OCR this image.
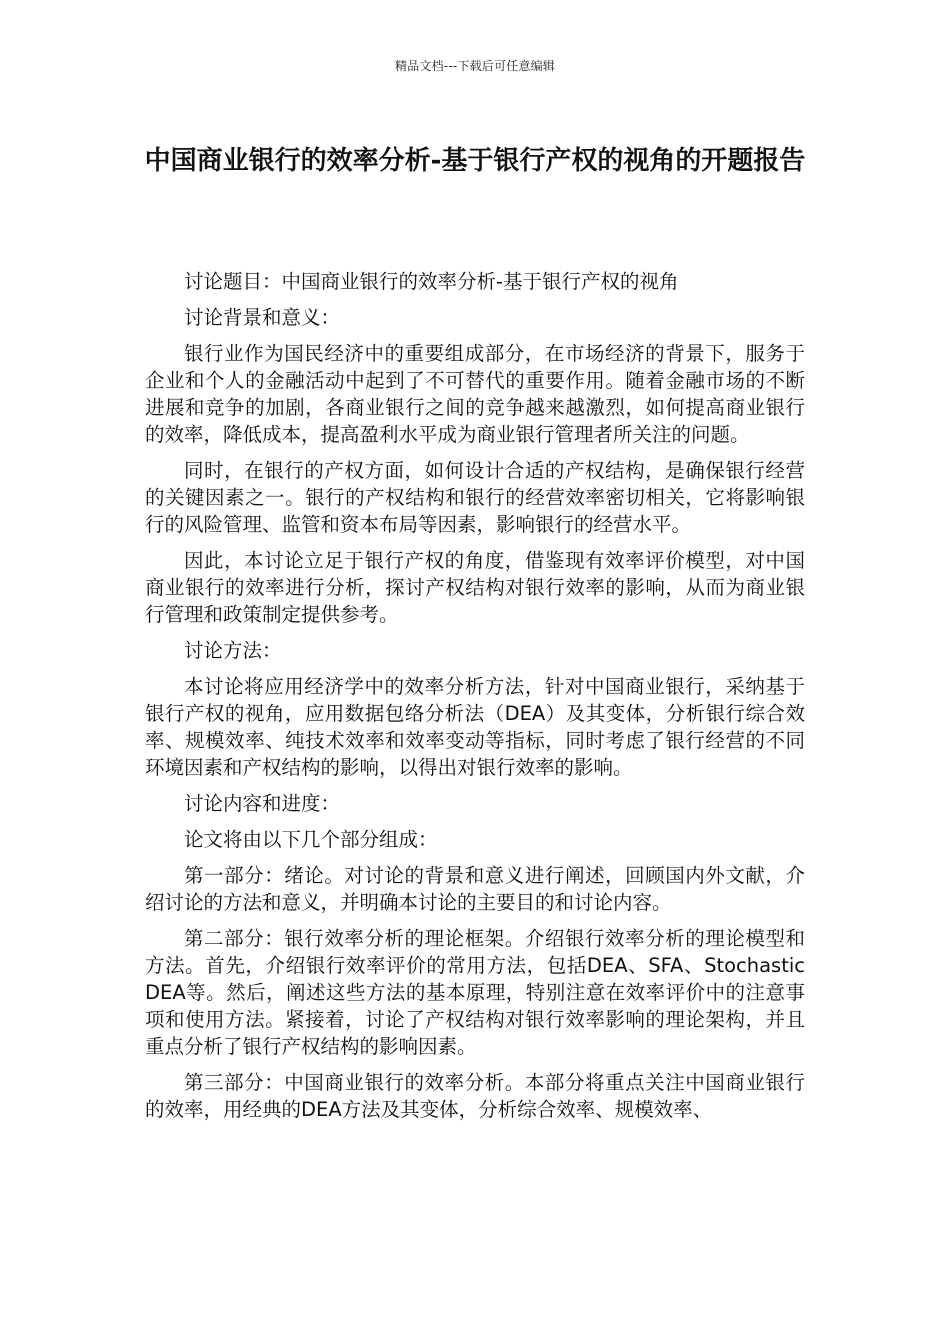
精品文档---下载后可任意编辑
中国商业银行的效率分析-基于银行产权的视角的开题报告

讨论题目：中国商业银行的效率分析-基于银行产权的视角

讨论背景和意义：

银行业作为国民经济中的重要组成部分，在市场经济的背景下，服务于企业和个人的金融活动中起到了不可替代的重要作用。随着金融市场的不断进展和竞争的加剧，各商业银行之间的竞争越来越激烈，如何提高商业银行的效率，降低成本，提高盈利水平成为商业银行管理者所关注的问题。

同时，在银行的产权方面，如何设计合适的产权结构，是确保银行经营的关键因素之一。银行的产权结构和银行的经营效率密切相关，它将影响银行的风险管理、监管和资本布局等因素，影响银行的经营水平。

因此，本讨论立足于银行产权的角度，借鉴现有效率评价模型，对中国商业银行的效率进行分析，探讨产权结构对银行效率的影响，从而为商业银行管理和政策制定提供参考。

讨论方法：

本讨论将应用经济学中的效率分析方法，针对中国商业银行，采纳基于银行产权的视角，应用数据包络分析法（DEA）及其变体，分析银行综合效率、规模效率、纯技术效率和效率变动等指标，同时考虑了银行经营的不同环境因素和产权结构的影响，以得出对银行效率的影响。

讨论内容和进度：

论文将由以下几个部分组成：

第一部分：绪论。对讨论的背景和意义进行阐述，回顾国内外文献，介绍讨论的方法和意义，并明确本讨论的主要目的和讨论内容。

第二部分：银行效率分析的理论框架。介绍银行效率分析的理论模型和方法。首先，介绍银行效率评价的常用方法，包括DEA、SFA、Stochastic DEA等。然后，阐述这些方法的基本原理，特别注意在效率评价中的注意事项和使用方法。紧接着，讨论了产权结构对银行效率影响的理论架构，并且重点分析了银行产权结构的影响因素。

第三部分：中国商业银行的效率分析。本部分将重点关注中国商业银行的效率，用经典的DEA方法及其变体，分析综合效率、规模效率、
